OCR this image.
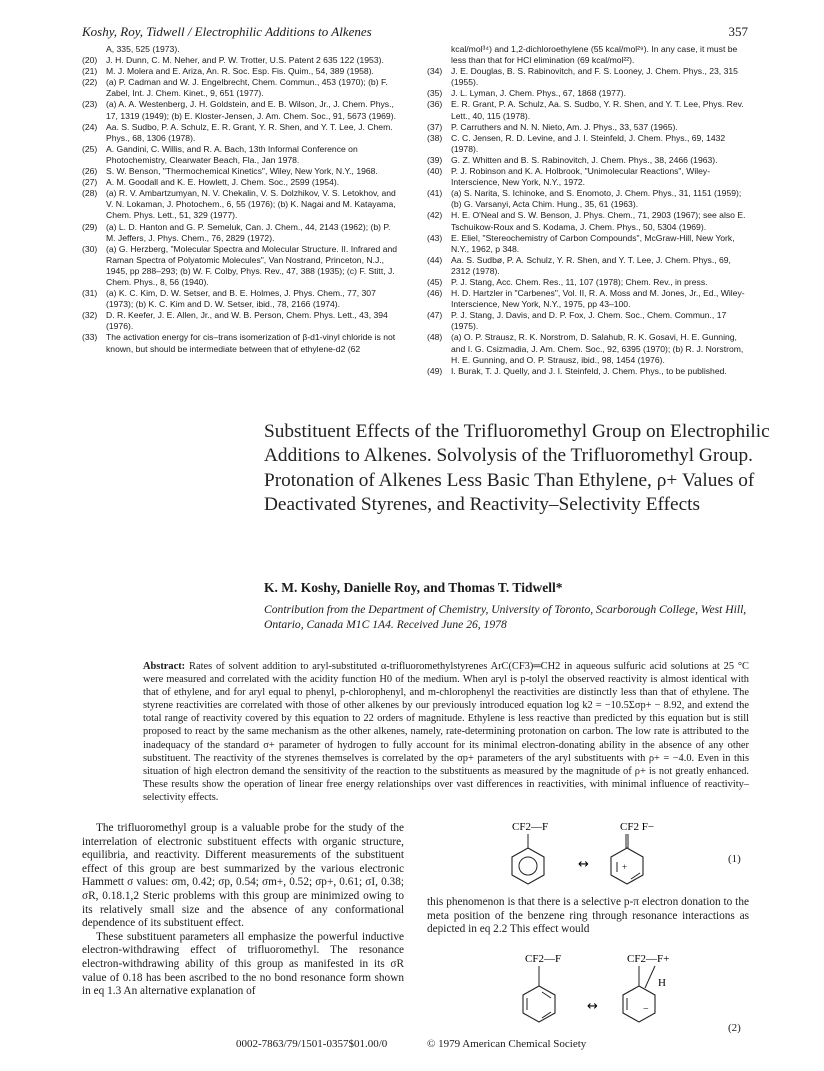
Koshy, Roy, Tidwell / Electrophilic Additions to Alkenes	357
A, 335, 525 (1973).
(20) J. H. Dunn, C. M. Neher, and P. W. Trotter, U.S. Patent 2 635 122 (1953).
(21) M. J. Molera and E. Ariza, An. R. Soc. Esp. Fis. Quim., 54, 389 (1958).
(22) (a) P. Cadman and W. J. Engelbrecht, Chem. Commun., 453 (1970); (b) F. Zabel, Int. J. Chem. Kinet., 9, 651 (1977).
(23) (a) A. A. Westenberg, J. H. Goldstein, and E. B. Wilson, Jr., J. Chem. Phys., 17, 1319 (1949); (b) E. Kloster-Jensen, J. Am. Chem. Soc., 91, 5673 (1969).
(24) Aa. S. Sudbo, P. A. Schulz, E. R. Grant, Y. R. Shen, and Y. T. Lee, J. Chem. Phys., 68, 1306 (1978).
(25) A. Gandini, C. Willis, and R. A. Bach, 13th Informal Conference on Photochemistry, Clearwater Beach, Fla., Jan 1978.
(26) S. W. Benson, "Thermochemical Kinetics", Wiley, New York, N.Y., 1968.
(27) A. M. Goodall and K. E. Howlett, J. Chem. Soc., 2599 (1954).
(28) (a) R. V. Ambartzumyan, N. V. Chekalin, V. S. Dolzhikov, V. S. Letokhov, and V. N. Lokaman, J. Photochem., 6, 55 (1976); (b) K. Nagai and M. Katayama, Chem. Phys. Lett., 51, 329 (1977).
(29) (a) L. D. Hanton and G. P. Semeluk, Can. J. Chem., 44, 2143 (1962); (b) P. M. Jeffers, J. Phys. Chem., 76, 2829 (1972).
(30) (a) G. Herzberg, "Molecular Spectra and Molecular Structure. II. Infrared and Raman Spectra of Polyatomic Molecules", Van Nostrand, Princeton, N.J., 1945, pp 288–293; (b) W. F. Colby, Phys. Rev., 47, 388 (1935); (c) F. Stitt, J. Chem. Phys., 8, 56 (1940).
(31) (a) K. C. Kim, D. W. Setser, and B. E. Holmes, J. Phys. Chem., 77, 307 (1973); (b) K. C. Kim and D. W. Setser, ibid., 78, 2166 (1974).
(32) D. R. Keefer, J. E. Allen, Jr., and W. B. Person, Chem. Phys. Lett., 43, 394 (1976).
(33) The activation energy for cis–trans isomerization of β-d1-vinyl chloride is not known, but should be intermediate between that of ethylene-d2 (62
kcal/mol³⁴) and 1,2-dichloroethylene (55 kcal/mol²⁹). In any case, it must be less than that for HCl elimination (69 kcal/mol²²).
(34) J. E. Douglas, B. S. Rabinovitch, and F. S. Looney, J. Chem. Phys., 23, 315 (1955).
(35) J. L. Lyman, J. Chem. Phys., 67, 1868 (1977).
(36) E. R. Grant, P. A. Schulz, Aa. S. Sudbo, Y. R. Shen, and Y. T. Lee, Phys. Rev. Lett., 40, 115 (1978).
(37) P. Carruthers and N. N. Nieto, Am. J. Phys., 33, 537 (1965).
(38) C. C. Jensen, R. D. Levine, and J. I. Steinfeld, J. Chem. Phys., 69, 1432 (1978).
(39) G. Z. Whitten and B. S. Rabinovitch, J. Chem. Phys., 38, 2466 (1963).
(40) P. J. Robinson and K. A. Holbrook, "Unimolecular Reactions", Wiley-Interscience, New York, N.Y., 1972.
(41) (a) S. Narita, S. Ichinoke, and S. Enomoto, J. Chem. Phys., 31, 1151 (1959); (b) G. Varsanyi, Acta Chim. Hung., 35, 61 (1963).
(42) H. E. O'Neal and S. W. Benson, J. Phys. Chem., 71, 2903 (1967); see also E. Tschuikow-Roux and S. Kodama, J. Chem. Phys., 50, 5304 (1969).
(43) E. Eliel, "Stereochemistry of Carbon Compounds", McGraw-Hill, New York, N.Y., 1962, p 348.
(44) Aa. S. Sudbø, P. A. Schulz, Y. R. Shen, and Y. T. Lee, J. Chem. Phys., 69, 2312 (1978).
(45) P. J. Stang, Acc. Chem. Res., 11, 107 (1978); Chem. Rev., in press.
(46) H. D. Hartzler in "Carbenes", Vol. II, R. A. Moss and M. Jones, Jr., Ed., Wiley-Interscience, New York, N.Y., 1975, pp 43–100.
(47) P. J. Stang, J. Davis, and D. P. Fox, J. Chem. Soc., Chem. Commun., 17 (1975).
(48) (a) O. P. Strausz, R. K. Norstrom, D. Salahub, R. K. Gosavi, H. E. Gunning, and I. G. Csizmadia, J. Am. Chem. Soc., 92, 6395 (1970); (b) R. J. Norstrom, H. E. Gunning, and O. P. Strausz, ibid., 98, 1454 (1976).
(49) I. Burak, T. J. Quelly, and J. I. Steinfeld, J. Chem. Phys., to be published.
Substituent Effects of the Trifluoromethyl Group on Electrophilic Additions to Alkenes. Solvolysis of the Trifluoromethyl Group. Protonation of Alkenes Less Basic Than Ethylene, ρ+ Values of Deactivated Styrenes, and Reactivity–Selectivity Effects
K. M. Koshy, Danielle Roy, and Thomas T. Tidwell*
Contribution from the Department of Chemistry, University of Toronto, Scarborough College, West Hill, Ontario, Canada M1C 1A4. Received June 26, 1978
Abstract: Rates of solvent addition to aryl-substituted α-trifluoromethylstyrenes ArC(CF3)═CH2 in aqueous sulfuric acid solutions at 25 °C were measured and correlated with the acidity function H0 of the medium. When aryl is p-tolyl the observed reactivity is almost identical with that of ethylene, and for aryl equal to phenyl, p-chlorophenyl, and m-chlorophenyl the reactivities are distinctly less than that of ethylene. The styrene reactivities are correlated with those of other alkenes by our previously introduced equation log k2 = −10.5Σσp+ − 8.92, and extend the total range of reactivity covered by this equation to 22 orders of magnitude. Ethylene is less reactive than predicted by this equation but is still proposed to react by the same mechanism as the other alkenes, namely, rate-determining protonation on carbon. The low rate is attributed to the inadequacy of the standard σ+ parameter of hydrogen to fully account for its minimal electron-donating ability in the absence of any other substituent. The reactivity of the styrenes themselves is correlated by the σp+ parameters of the aryl substituents with ρ+ = −4.0. Even in this situation of high electron demand the sensitivity of the reaction to the substituents as measured by the magnitude of ρ+ is not greatly enhanced. These results show the operation of linear free energy relationships over vast differences in reactivities, with minimal influence of reactivity–selectivity effects.

The trifluoromethyl group is a valuable probe for the study of the interrelation of electronic substituent effects with organic structure, equilibria, and reactivity. Different measurements of the substituent effect of this group are best summarized by the various electronic Hammett σ values: σm, 0.42; σp, 0.54; σm+, 0.52; σp+, 0.61; σI, 0.38; σR, 0.18.1,2 Steric problems with this group are minimized owing to its relatively small size and the absence of any conformational dependence of its substituent effect.

These substituent parameters all emphasize the powerful inductive electron-withdrawing effect of trifluoromethyl. The resonance electron-withdrawing ability of this group as manifested in its σR value of 0.18 has been ascribed to the no bond resonance form shown in eq 1.3 An alternative explanation of

this phenomenon is that there is a selective p-π electron donation to the meta position of the benzene ring through resonance interactions as depicted in eq 2.2 This effect would
CF2—F
↔
CF2 F−
+
(1)
CF2—F
↔
CF2—F+
H
−
(2)
0002-7863/79/1501-0357$01.00/0	© 1979 American Chemical Society
